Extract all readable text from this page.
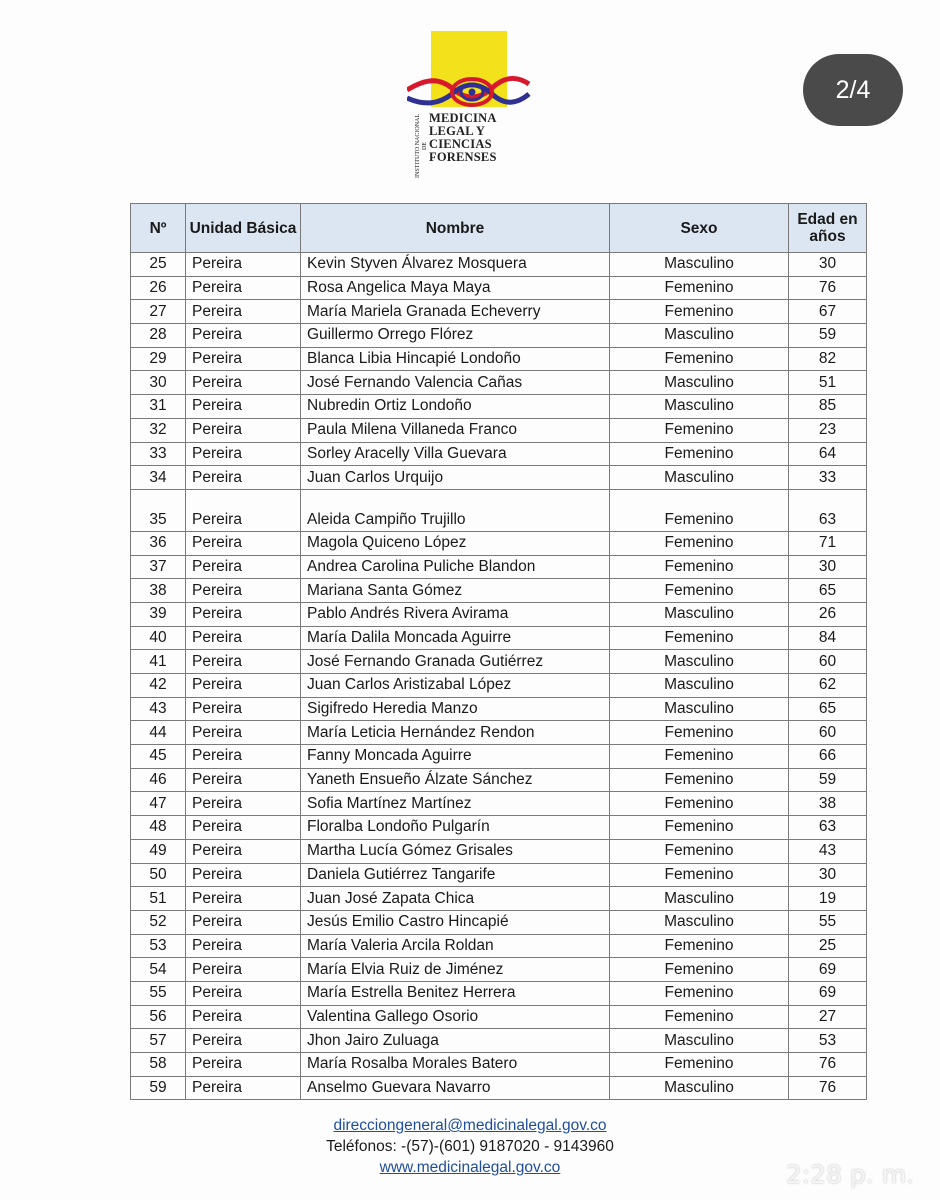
INSTITUTO NACIONAL DE
MEDICINA
LEGAL Y
CIENCIAS
FORENSES
2/4
Nº	Unidad Básica	Nombre	Sexo	Edad en años
25	Pereira	Kevin Styven Álvarez Mosquera	Masculino	30
26	Pereira	Rosa Angelica Maya Maya	Femenino	76
27	Pereira	María Mariela Granada Echeverry	Femenino	67
28	Pereira	Guillermo Orrego Flórez	Masculino	59
29	Pereira	Blanca Libia Hincapié Londoño	Femenino	82
30	Pereira	José Fernando Valencia Cañas	Masculino	51
31	Pereira	Nubredin Ortiz Londoño	Masculino	85
32	Pereira	Paula Milena Villaneda Franco	Femenino	23
33	Pereira	Sorley Aracelly Villa Guevara	Femenino	64
34	Pereira	Juan Carlos Urquijo	Masculino	33
35	Pereira	Aleida Campiño Trujillo	Femenino	63
36	Pereira	Magola Quiceno López	Femenino	71
37	Pereira	Andrea Carolina Puliche Blandon	Femenino	30
38	Pereira	Mariana Santa Gómez	Femenino	65
39	Pereira	Pablo Andrés Rivera Avirama	Masculino	26
40	Pereira	María Dalila Moncada Aguirre	Femenino	84
41	Pereira	José Fernando Granada Gutiérrez	Masculino	60
42	Pereira	Juan Carlos Aristizabal López	Masculino	62
43	Pereira	Sigifredo Heredia Manzo	Masculino	65
44	Pereira	María Leticia Hernández Rendon	Femenino	60
45	Pereira	Fanny Moncada Aguirre	Femenino	66
46	Pereira	Yaneth Ensueño Álzate Sánchez	Femenino	59
47	Pereira	Sofia Martínez Martínez	Femenino	38
48	Pereira	Floralba Londoño Pulgarín	Femenino	63
49	Pereira	Martha Lucía Gómez Grisales	Femenino	43
50	Pereira	Daniela Gutiérrez Tangarife	Femenino	30
51	Pereira	Juan José Zapata Chica	Masculino	19
52	Pereira	Jesús Emilio Castro Hincapié	Masculino	55
53	Pereira	María Valeria Arcila Roldan	Femenino	25
54	Pereira	María Elvia Ruiz de Jiménez	Femenino	69
55	Pereira	María Estrella Benitez Herrera	Femenino	69
56	Pereira	Valentina Gallego Osorio	Femenino	27
57	Pereira	Jhon Jairo Zuluaga	Masculino	53
58	Pereira	María Rosalba Morales Batero	Femenino	76
59	Pereira	Anselmo Guevara Navarro	Masculino	76
direcciongeneral@medicinalegal.gov.co
Teléfonos: -(57)-(601) 9187020 - 9143960
www.medicinalegal.gov.co	2:28 p. m.
